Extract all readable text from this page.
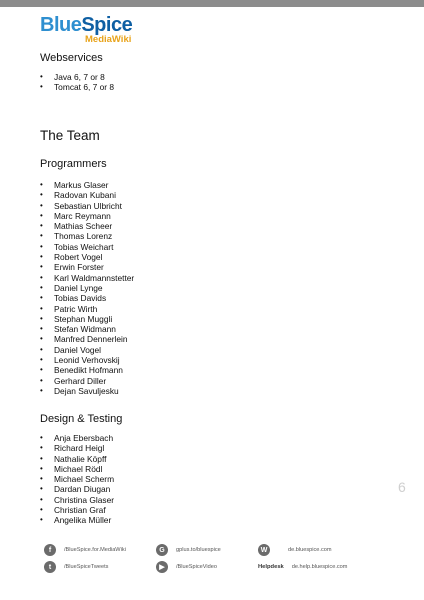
BlueSpice
MediaWiki
Webservices
• Java 6, 7 or 8
• Tomcat 6, 7 or 8
The Team
Programmers
• Markus Glaser
• Radovan Kubani
• Sebastian Ulbricht
• Marc Reymann
• Mathias Scheer
• Thomas Lorenz
• Tobias Weichart
• Robert Vogel
• Erwin Forster
• Karl Waldmannstetter
• Daniel Lynge
• Tobias Davids
• Patric Wirth
• Stephan Muggli
• Stefan Widmann
• Manfred Dennerlein
• Daniel Vogel
• Leonid Verhovskij
• Benedikt Hofmann
• Gerhard Diller
• Dejan Savuljesku
Design & Testing
• Anja Ebersbach
• Richard Heigl
• Nathalie Köpff
• Michael Rödl
• Michael Scherm
• Dardan Diugan
• Christina Glaser
• Christian Graf
• Angelika Müller
6
f	/BlueSpice.for.MediaWiki	G	gplus.to/bluespice	W	de.bluespice.com
t	/BlueSpiceTweets	▶	/BlueSpiceVideo	Helpdesk de.help.bluespice.com
